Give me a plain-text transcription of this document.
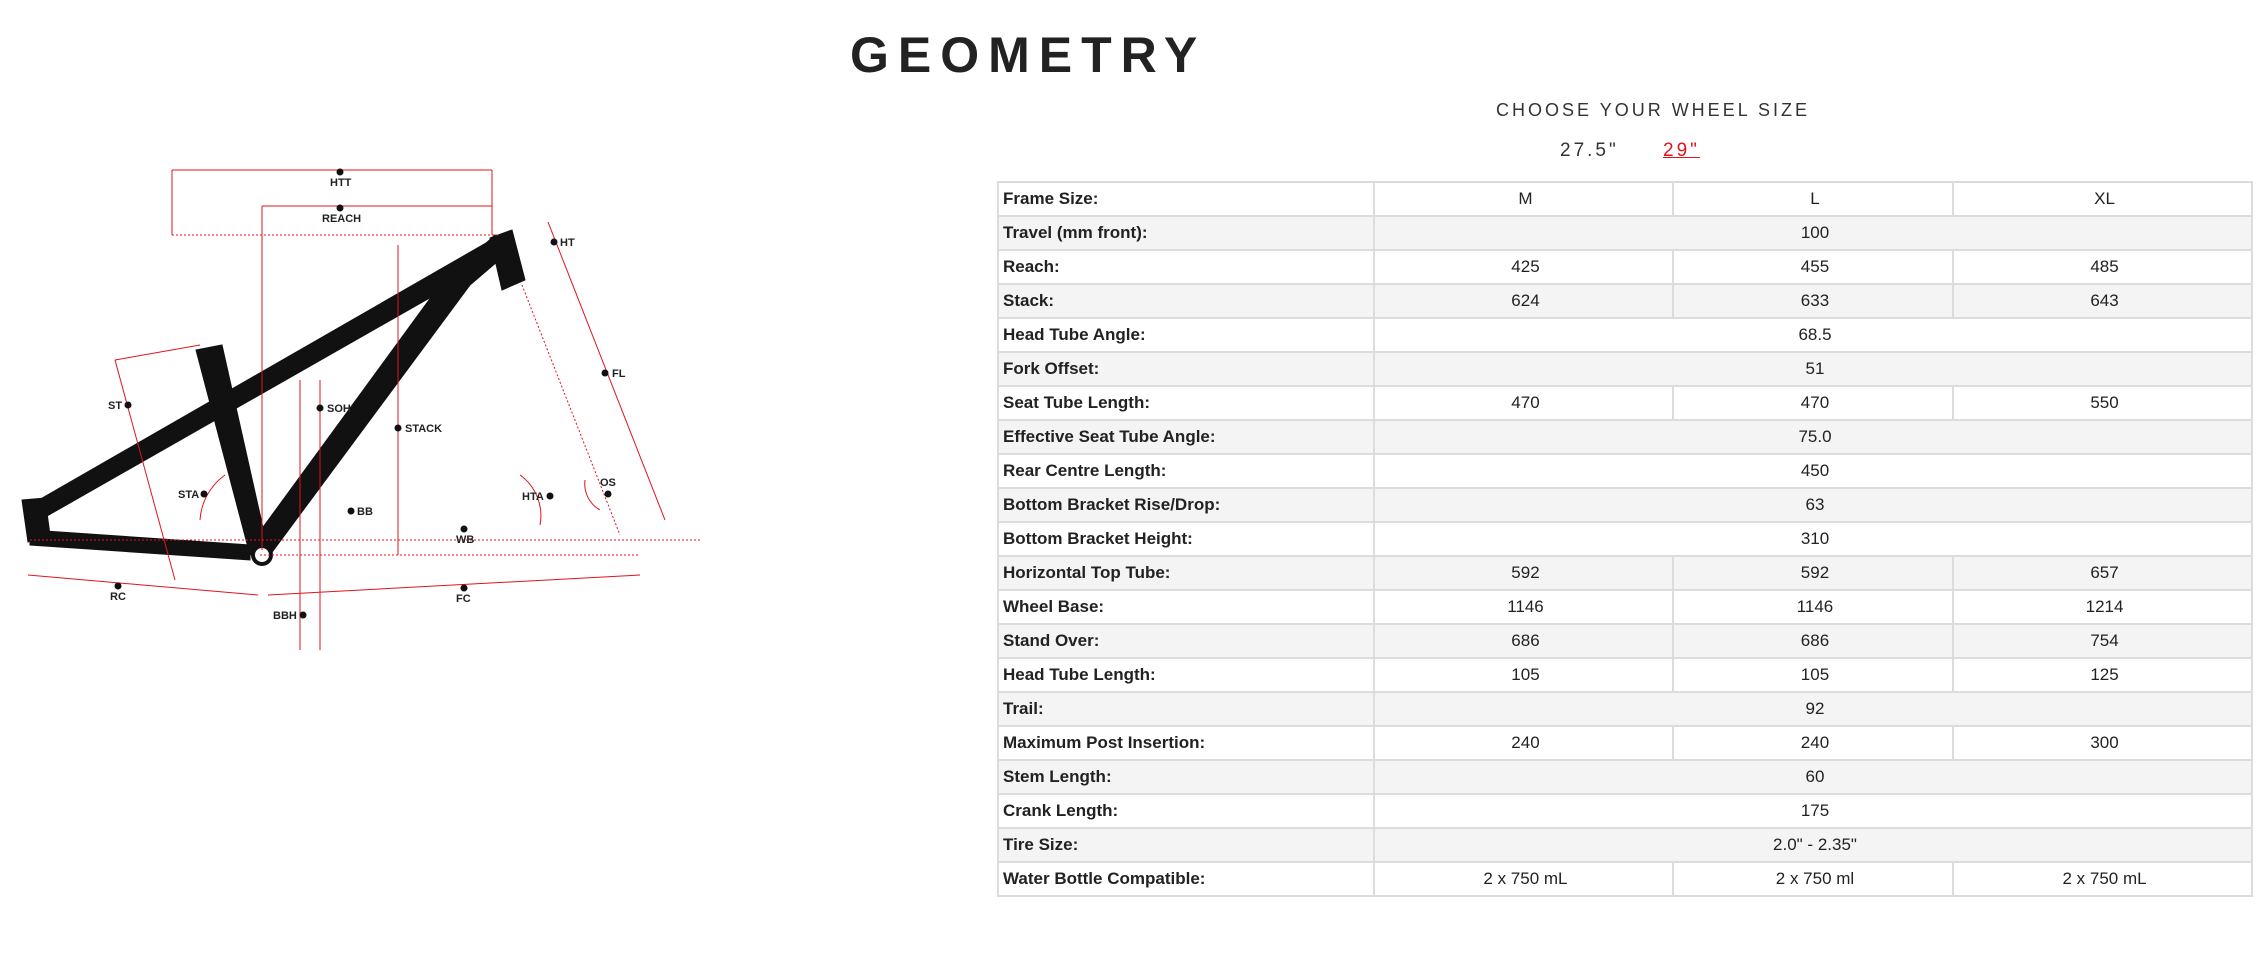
GEOMETRY
CHOOSE YOUR WHEEL SIZE
27.5" 29"
HTT
REACH
HT
FL
ST	SOH
STACK
STA
BB
HTA
OS
WB
RC	FC
BBH
Frame Size:	M	L	XL
Travel (mm front):	100		
Reach:	425	455	485
Stack:	624	633	643
Head Tube Angle:	68.5		
Fork Offset:	51		
Seat Tube Length:	470	470	550
Effective Seat Tube Angle:	75.0		
Rear Centre Length:	450		
Bottom Bracket Rise/Drop:	63		
Bottom Bracket Height:	310		
Horizontal Top Tube:	592	592	657
Wheel Base:	1146	1146	1214
Stand Over:	686	686	754
Head Tube Length:	105	105	125
Trail:	92		
Maximum Post Insertion:	240	240	300
Stem Length:	60		
Crank Length:	175		
Tire Size:	2.0" - 2.35"		
Water Bottle Compatible:	2 x 750 mL	2 x 750 ml	2 x 750 mL
